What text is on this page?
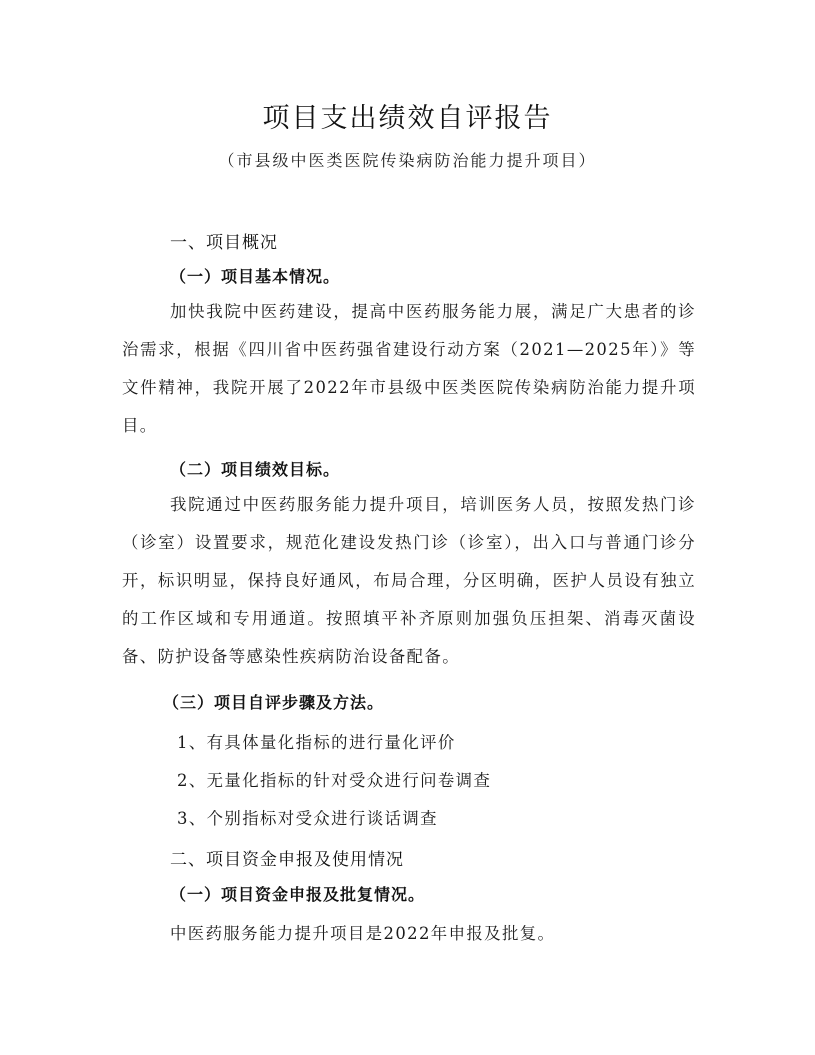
项目支出绩效自评报告
（市县级中医类医院传染病防治能力提升项目）
一、项目概况
（一）项目基本情况。

加快我院中医药建设，提高中医药服务能力展，满足广大患者的诊治需求，根据《四川省中医药强省建设行动方案（2021—2025年）》等文件精神，我院开展了2022年市县级中医类医院传染病防治能力提升项目。

（二）项目绩效目标。

我院通过中医药服务能力提升项目，培训医务人员，按照发热门诊（诊室）设置要求，规范化建设发热门诊（诊室），出入口与普通门诊分开，标识明显，保持良好通风，布局合理，分区明确，医护人员设有独立的工作区域和专用通道。按照填平补齐原则加强负压担架、消毒灭菌设备、防护设备等感染性疾病防治设备配备。

（三）项目自评步骤及方法。
1、有具体量化指标的进行量化评价
2、无量化指标的针对受众进行问卷调查
3、个别指标对受众进行谈话调查
二、项目资金申报及使用情况
（一）项目资金申报及批复情况。
中医药服务能力提升项目是2022年申报及批复。
